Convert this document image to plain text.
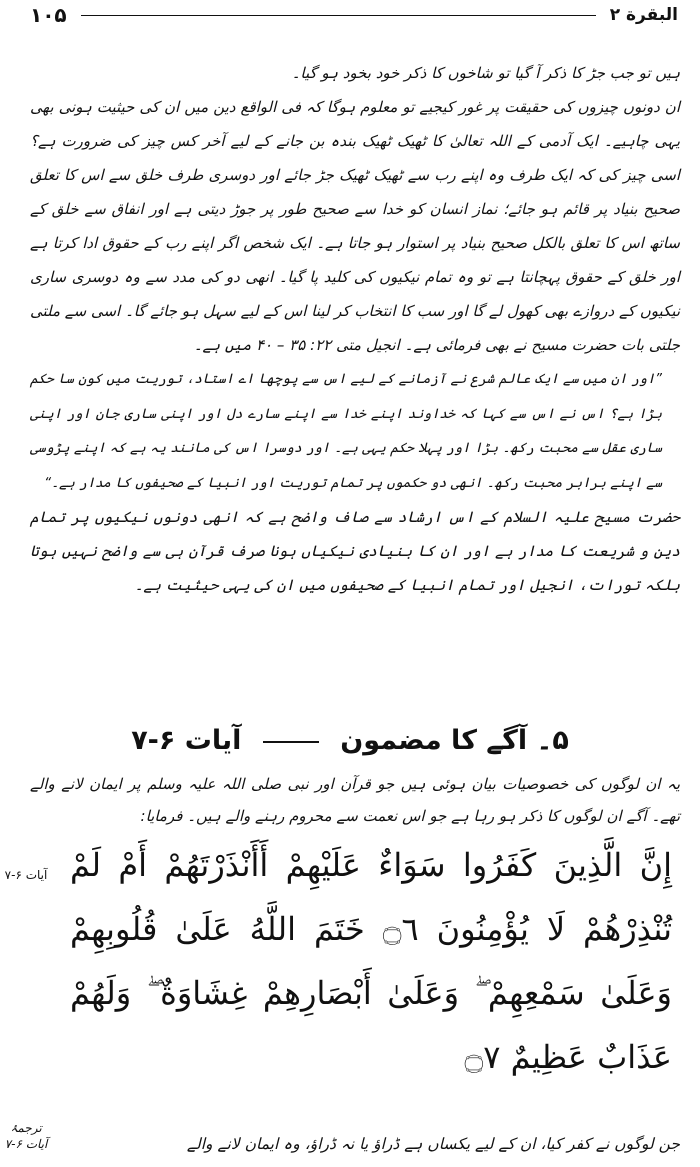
البقرة ۲
۱۰۵

ہیں تو جب جڑ کا ذکر آ گیا تو شاخوں کا ذکر خود بخود ہو گیا۔

ان دونوں چیزوں کی حقیقت پر غور کیجیے تو معلوم ہوگا کہ فی الواقع دین میں ان کی حیثیت ہونی بھی یہی چاہیے۔ ایک آدمی کے اللہ تعالیٰ کا ٹھیک ٹھیک بندہ بن جانے کے لیے آخر کس چیز کی ضرورت ہے؟ اسی چیز کی کہ ایک طرف وہ اپنے رب سے ٹھیک ٹھیک جڑ جائے اور دوسری طرف خلق سے اس کا تعلق صحیح بنیاد پر قائم ہو جائے؛ نماز انسان کو خدا سے صحیح طور پر جوڑ دیتی ہے اور انفاق سے خلق کے ساتھ اس کا تعلق بالکل صحیح بنیاد پر استوار ہو جاتا ہے۔ ایک شخص اگر اپنے رب کے حقوق ادا کرتا ہے اور خلق کے حقوق پہچانتا ہے تو وہ تمام نیکیوں کی کلید پا گیا۔ انھی دو کی مدد سے وہ دوسری ساری نیکیوں کے دروازے بھی کھول لے گا اور سب کا انتخاب کر لینا اس کے لیے سہل ہو جائے گا۔ اسی سے ملتی جلتی بات حضرت مسیح نے بھی فرمائی ہے۔ انجیل متی ۲۲: ۳۵ – ۴۰ میں ہے۔

”اور ان میں سے ایک عالم شرع نے آزمانے کے لیے اس سے پوچھا اے استاد، توریت میں کون سا حکم بڑا ہے؟ اس نے اس سے کہا کہ خداوند اپنے خدا سے اپنے سارے دل اور اپنی ساری جان اور اپنی ساری عقل سے محبت رکھ۔ بڑا اور پہلا حکم یہی ہے۔ اور دوسرا اس کی مانند یہ ہے کہ اپنے پڑوسی سے اپنے برابر محبت رکھ۔ انھی دو حکموں پر تمام توریت اور انبیا کے صحیفوں کا مدار ہے۔“

حضرت مسیح علیہ السلام کے اس ارشاد سے صاف واضح ہے کہ انھی دونوں نیکیوں پر تمام دین و شریعت کا مدار ہے اور ان کا بنیادی نیکیاں ہونا صرف قرآن ہی سے واضح نہیں ہوتا بلکہ تورات، انجیل اور تمام انبیا کے صحیفوں میں ان کی یہی حیثیت ہے۔

۵۔ آگے کا مضمون  آیات ۶-۷
یہ ان لوگوں کی خصوصیات بیان ہوئی ہیں جو قرآن اور نبی صلی اللہ علیہ وسلم پر ایمان لانے والے تھے۔ آگے ان لوگوں کا ذکر ہو رہا ہے جو اس نعمت سے محروم رہنے والے ہیں۔ فرمایا:
آیات ۶-۷ إِنَّ الَّذِينَ كَفَرُوا سَوَاءٌ عَلَيْهِمْ أَأَنْذَرْتَهُمْ أَمْ لَمْ تُنْذِرْهُمْ لَا يُؤْمِنُونَ ۝٦ خَتَمَ اللَّهُ عَلَىٰ قُلُوبِهِمْ وَعَلَىٰ سَمْعِهِمْ ۖ وَعَلَىٰ أَبْصَارِهِمْ غِشَاوَةٌ ۖ وَلَهُمْ عَذَابٌ عَظِيمٌ ۝٧
ترجمۂ آیات ۶-۷	جن لوگوں نے کفر کیا، ان کے لیے یکساں ہے ڈراؤ یا نہ ڈراؤ، وہ ایمان لانے والے
